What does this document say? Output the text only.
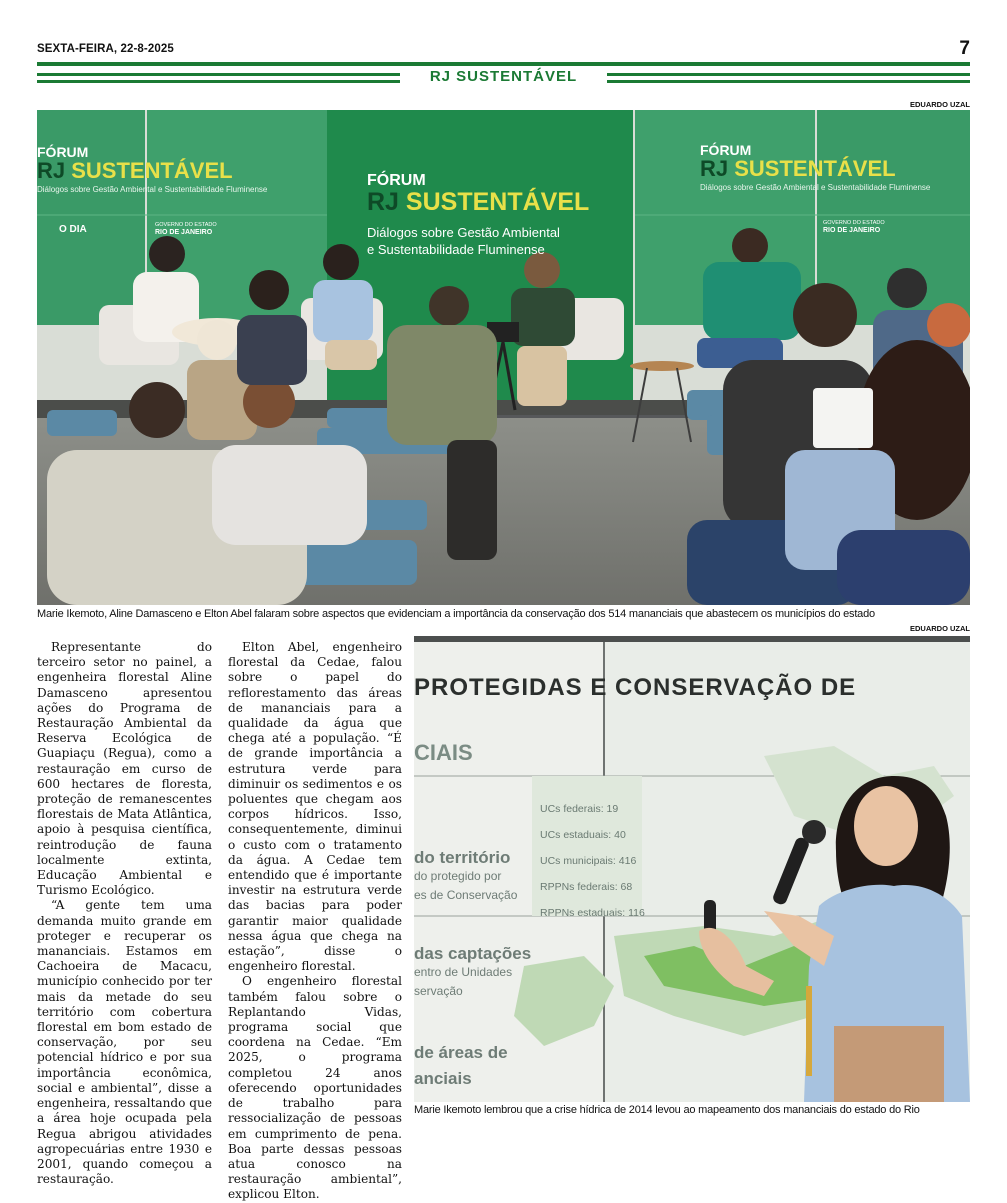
SEXTA-FEIRA, 22-8-2025	7
RJ SUSTENTÁVEL
EDUARDO UZAL
FÓRUM
RJ SUSTENTÁVEL
Diálogos sobre Gestão Ambiental e Sustentabilidade Fluminense
O DIA	GOVERNO DO ESTADO
RIO DE JANEIRO
FÓRUM
RJ SUSTENTÁVEL
Diálogos sobre Gestão Ambiental
e Sustentabilidade Fluminense
FÓRUM
RJ SUSTENTÁVEL
Diálogos sobre Gestão Ambiental e Sustentabilidade Fluminense
GOVERNO DO ESTADO
RIO DE JANEIRO
Marie Ikemoto, Aline Damasceno e Elton Abel falaram sobre aspectos que evidenciam a importância da conservação dos 514 mananciais que abastecem os municípios do estado
EDUARDO UZAL

Representante do terceiro setor no painel, a engenheira florestal Aline Damasceno apresentou ações do Programa de Restauração Ambiental da Reserva Ecológica de Guapiaçu (Regua), como a restauração em curso de 600 hectares de floresta, proteção de remanescentes florestais de Mata Atlântica, apoio à pesquisa científica, reintrodução de fauna localmente extinta, Educação Ambiental e Turismo Ecológico.

“A gente tem uma demanda muito grande em proteger e recuperar os mananciais. Estamos em Cachoeira de Macacu, município conhecido por ter mais da metade do seu território com cobertura florestal em bom estado de conservação, por seu potencial hídrico e por sua importância econômica, social e ambiental”, disse a engenheira, ressaltando que a área hoje ocupada pela Regua abrigou atividades agropecuárias entre 1930 e 2001, quando começou a restauração.

Elton Abel, engenheiro florestal da Cedae, falou sobre o papel do reflorestamento das áreas de mananciais para a qualidade da água que chega até a população. “É de grande importância a estrutura verde para diminuir os sedimentos e os poluentes que chegam aos corpos hídricos. Isso, consequentemente, diminui o custo com o tratamento da água. A Cedae tem entendido que é importante investir na estrutura verde das bacias para poder garantir maior qualidade nessa água que chega na estação”, disse o engenheiro florestal.

O engenheiro florestal também falou sobre o Replantando Vidas, programa social que coordena na Cedae. “Em 2025, o programa completou 24 anos oferecendo oportunidades de trabalho para ressocialização de pessoas em cumprimento de pena. Boa parte dessas pessoas atua conosco na restauração ambiental”, explicou Elton.

PROTEGIDAS E CONSERVAÇÃO DE
CIAIS
UCs federais: 19
UCs estaduais: 40
UCs municipais: 416
RPPNs federais: 68
RPPNs estaduais: 116
do território
do protegido por
es de Conservação
das captações
entro de Unidades
servação
de áreas de
anciais
Marie Ikemoto lembrou que a crise hídrica de 2014 levou ao mapeamento dos mananciais do estado do Rio
